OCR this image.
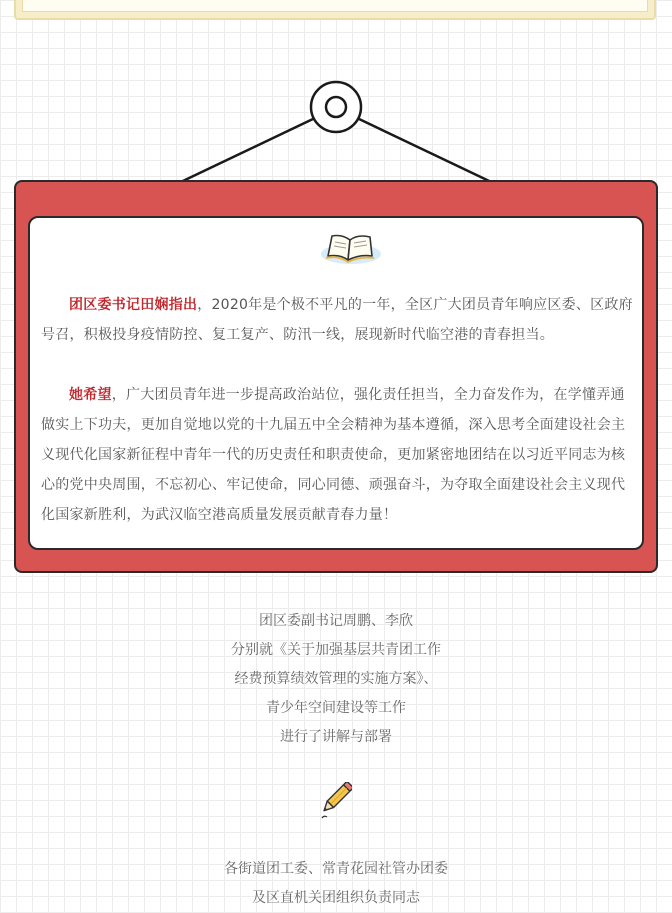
团区委书记田娴指出，2020年是个极不平凡的一年，全区广大团员青年响应区委、区政府号召，积极投身疫情防控、复工复产、防汛一线，展现新时代临空港的青春担当。

她希望，广大团员青年进一步提高政治站位，强化责任担当，全力奋发作为，在学懂弄通做实上下功夫，更加自觉地以党的十九届五中全会精神为基本遵循，深入思考全面建设社会主义现代化国家新征程中青年一代的历史责任和职责使命，更加紧密地团结在以习近平同志为核心的党中央周围，不忘初心、牢记使命，同心同德、顽强奋斗，为夺取全面建设社会主义现代化国家新胜利，为武汉临空港高质量发展贡献青春力量！

团区委副书记周鹏、李欣
分别就《关于加强基层共青团工作
经费预算绩效管理的实施方案》、
青少年空间建设等工作
进行了讲解与部署
各街道团工委、常青花园社管办团委
及区直机关团组织负责同志
